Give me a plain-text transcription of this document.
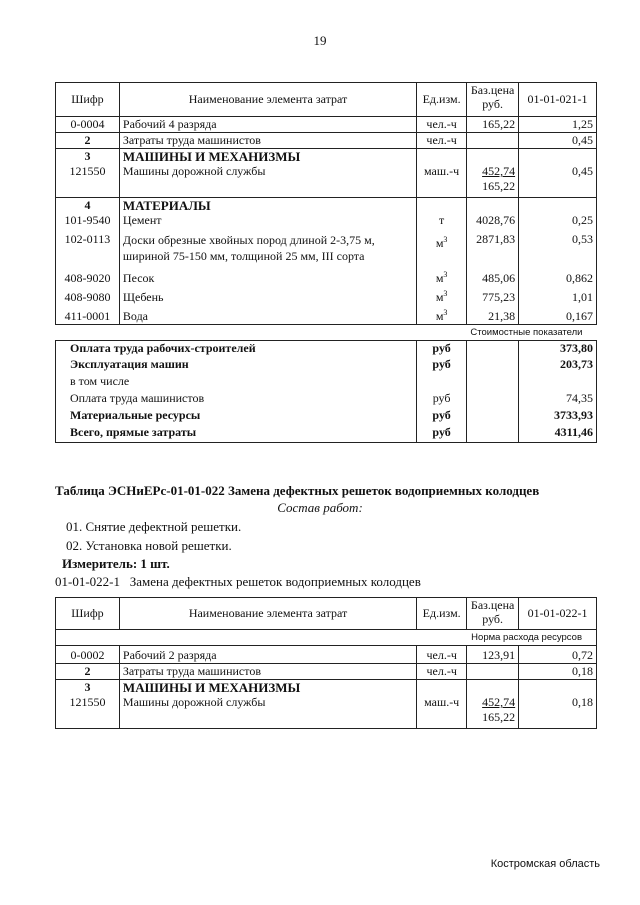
19
Шифр	Наименование элемента затрат	Ед.изм.	Баз.цена
руб.	01-01-021-1
0-0004	Рабочий 4 разряда	чел.-ч	165,22	1,25
2	Затраты труда машинистов	чел.-ч		0,45
3	МАШИНЫ И МЕХАНИЗМЫ			
121550	Машины дорожной службы	маш.-ч	452,74
165,22	0,45
4	МАТЕРИАЛЫ			
101-9540	Цемент	т	4028,76	0,25
102-0113	Доски обрезные хвойных пород длиной 2-3,75 м,
шириной 75-150 мм, толщиной 25 мм, III сорта	$м^3$	2871,83	0,53
408-9020	Песок	$м^3$	485,06	0,862
408-9080	Щебень	$м^3$	775,23	1,01
411-0001	Вода	$м^3$	21,38	0,167

Стоимостные показатели				

Оплата труда рабочих-строителей		руб		373,80
Эксплуатация машин		руб		203,73
в том числе				
Оплата труда машинистов		руб		74,35
Материальные ресурсы		руб		3733,93
Всего, прямые затраты		руб		4311,46
Таблица ЭСНиЕРс-01-01-022 Замена дефектных решеток водоприемных колодцев
Состав работ:
01. Снятие дефектной решетки.
02. Установка новой решетки.
Измеритель: 1 шт.
01-01-022-1   Замена дефектных решеток водоприемных колодцев
Шифр	Наименование элемента затрат	Ед.изм.	Баз.цена
руб.	01-01-022-1

Норма расхода ресурсов				

0-0002	Рабочий 2 разряда	чел.-ч	123,91	0,72
2	Затраты труда машинистов	чел.-ч		0,18
3	МАШИНЫ И МЕХАНИЗМЫ			
121550	Машины дорожной службы	маш.-ч	452,74
165,22	0,18
Костромская область
